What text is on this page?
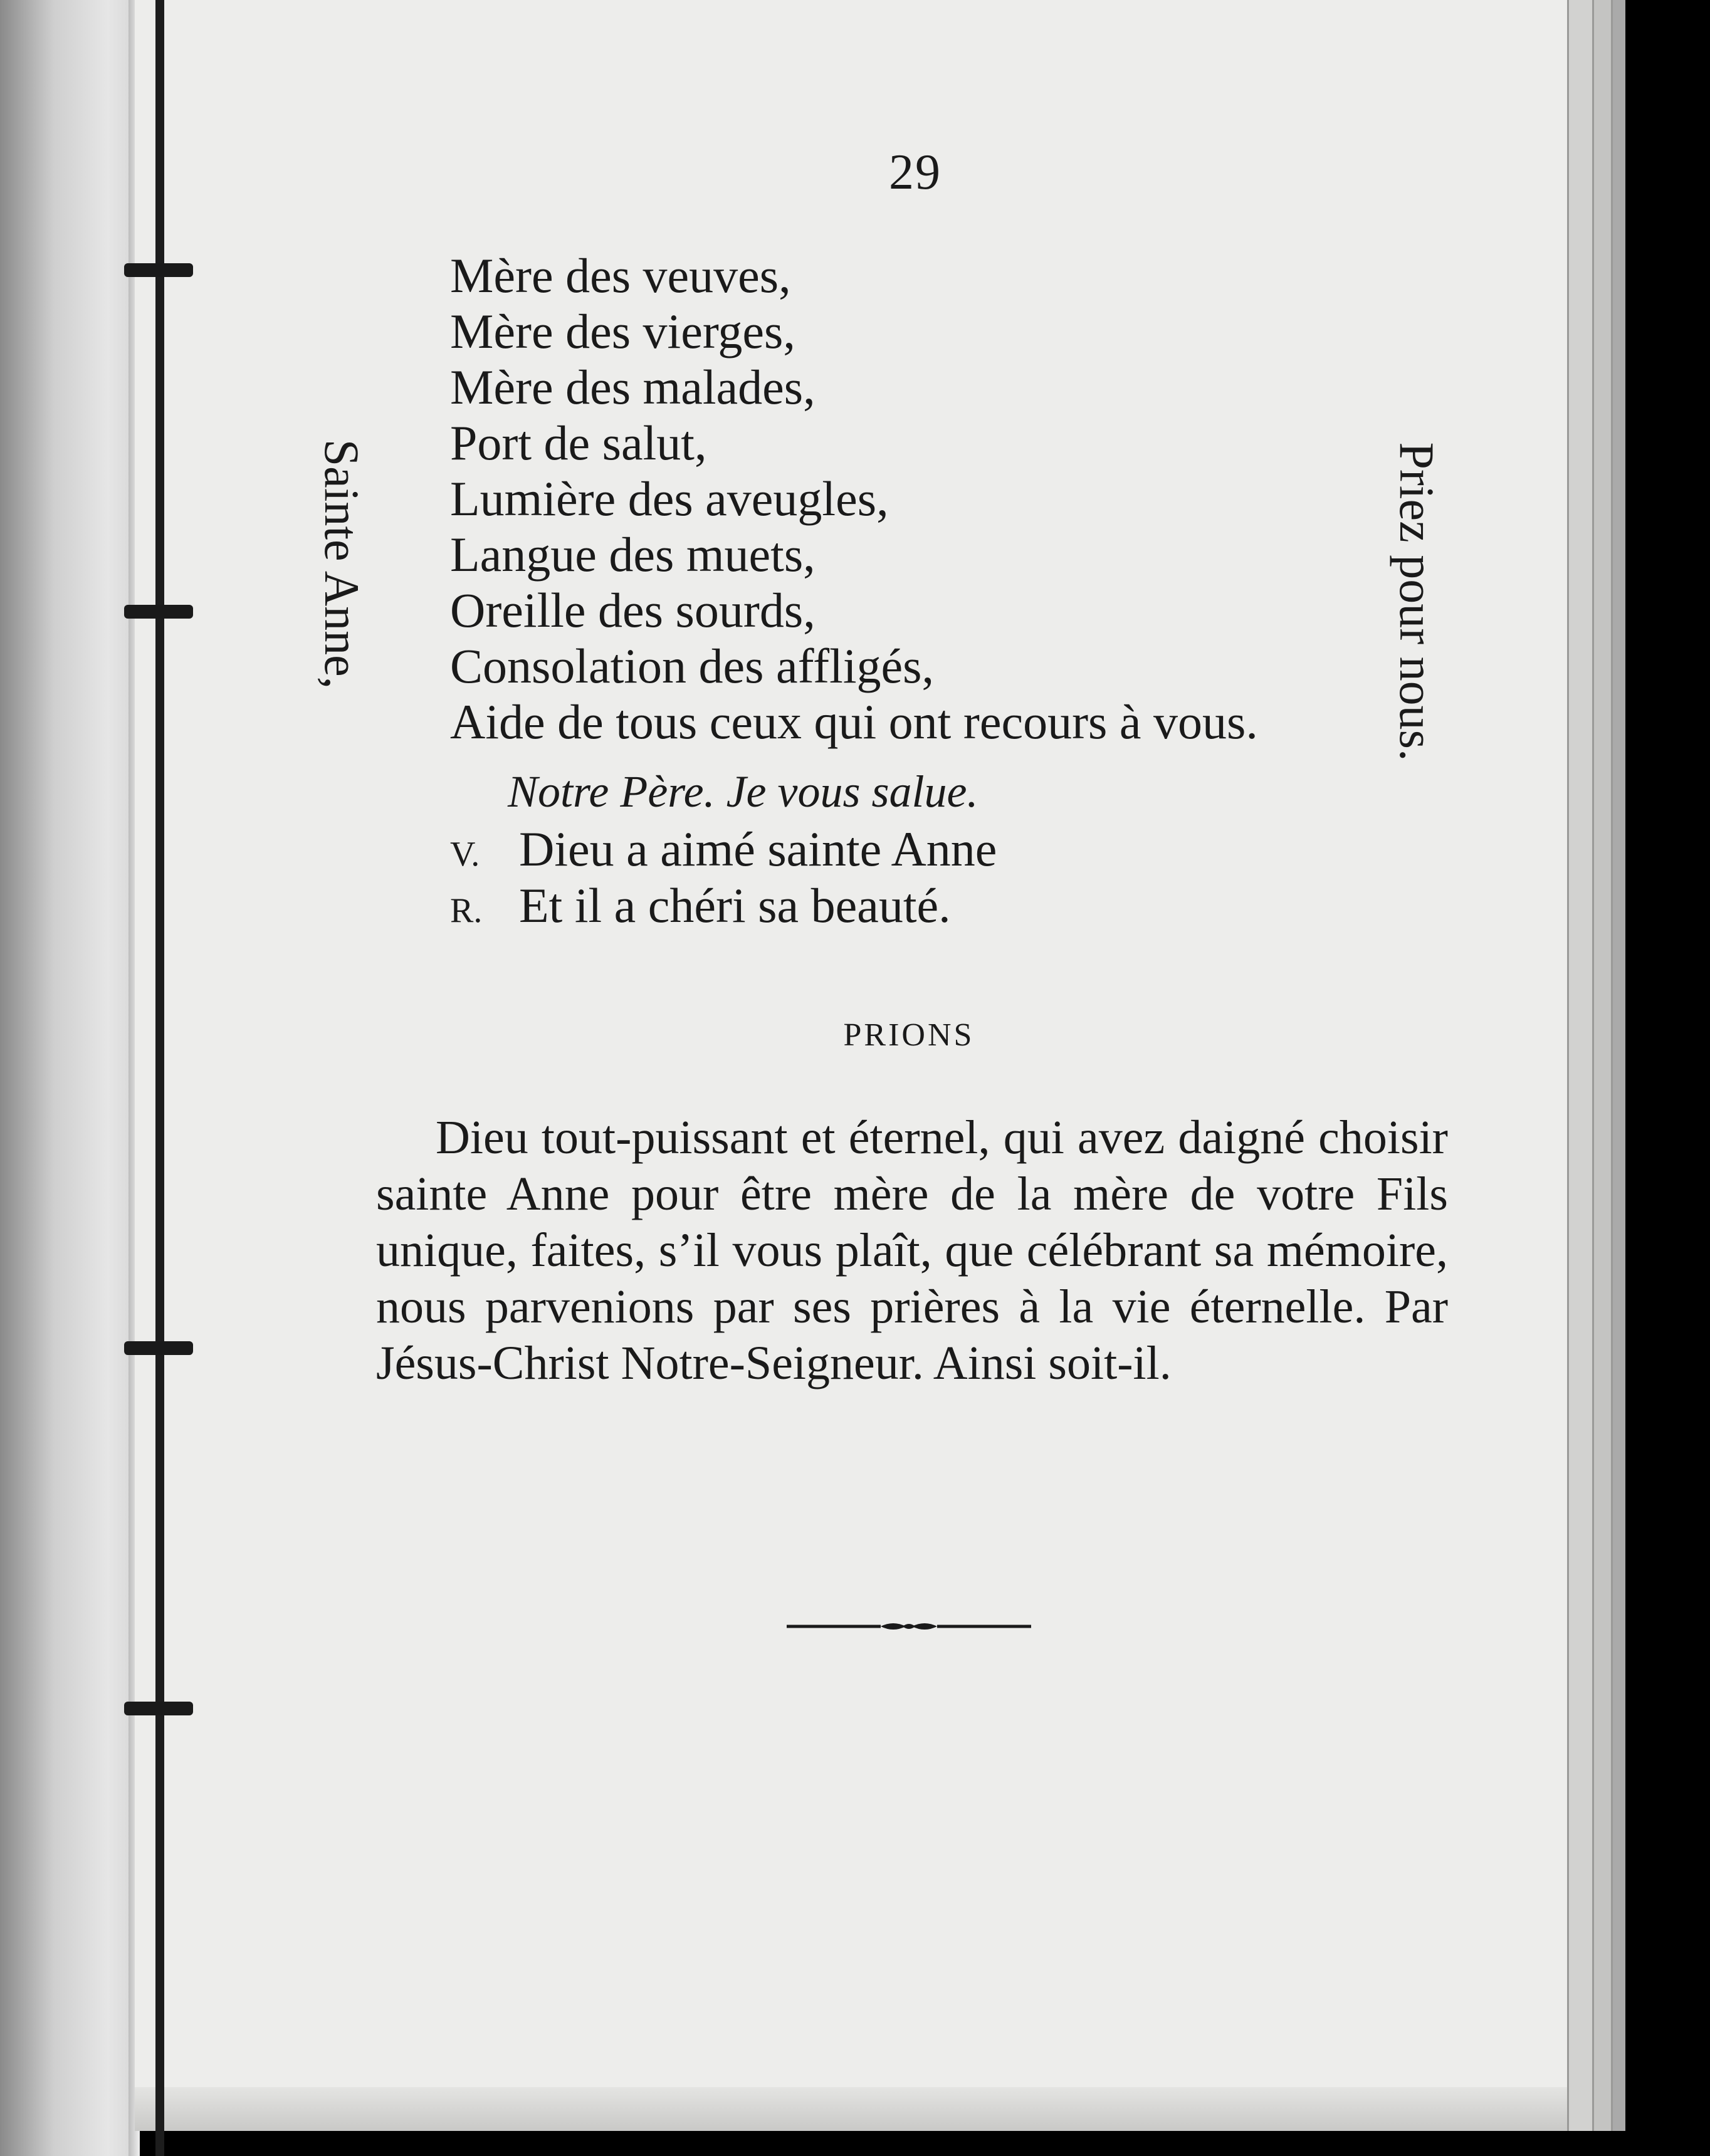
29
Mère des veuves,
Mère des vierges,
Mère des malades,
Port de salut,
Lumière des aveugles,
Langue des muets,
Oreille des sourds,
Consolation des affligés,
Aide de tous ceux qui ont recours à vous.
Sainte Anne,	Priez pour nous.
Notre Père. Je vous salue.
V. Dieu a aimé sainte Anne
R. Et il a chéri sa beauté.
PRIONS
Dieu tout-puissant et éternel, qui avez daigné choisir sainte Anne pour être mère de la mère de votre Fils unique, faites, s’il vous plaît, que célébrant sa mémoire, nous parvenions par ses prières à la vie éternelle. Par Jésus-Christ Notre-Seigneur. Ainsi soit-il.
